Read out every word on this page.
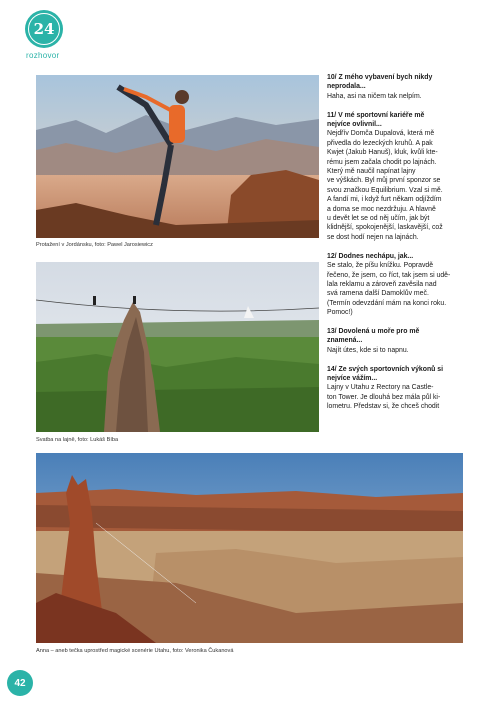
24
rozhovor
Protažení v Jordánsku, foto: Pawel Jarosiewicz
Svatba na lajně, foto: Lukáš Bíba
Anna – aneb tečka uprostřed magické scenérie Utahu, foto: Veronika Čukanová
10/ Z mého vybavení bych nikdy
neprodala...
Haha, asi na ničem tak nelpím.
11/ V mé sportovní kariéře mě
nejvíce ovlivnil...
Nejdřív Domča Dupalová, která mě
přivedla do lezeckých kruhů. A pak
Kwjet (Jakub Hanuš), kluk, kvůli kte-
rému jsem začala chodit po lajnách.
Který mě naučil napínat lajny
ve výškách. Byl můj první sponzor se
svou značkou Equilibrium. Vzal si mě.
A fandí mi, i když furt někam odjíždím
a doma se moc nezdržuju. A hlavně
u devět let se od něj učím, jak být
klidnější, spokojenější, laskavější, což
se dost hodí nejen na lajnách.
12/ Dodnes nechápu, jak...
Se stalo, že píšu knížku. Popravdě
řečeno, že jsem, co říct, tak jsem si udě-
lala reklamu a zároveň zavěsila nad
svá ramena další Damoklův meč.
(Termín odevzdání mám na konci roku.
Pomoc!)
13/ Dovolená u moře pro mě
znamená...
Najít útes, kde si to napnu.
14/ Ze svých sportovních výkonů si
nejvíce vážím...
Lajny v Utahu z Rectory na Castle-
ton Tower. Je dlouhá bez mála půl ki-
lometru. Představ si, že chceš chodit
42
